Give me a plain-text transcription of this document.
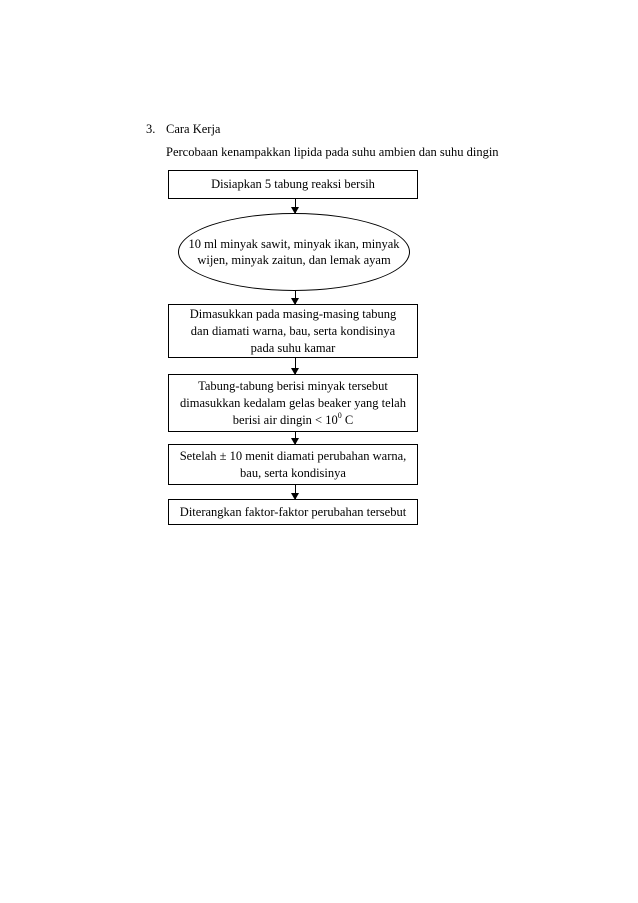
3. Cara Kerja
Percobaan kenampakkan lipida pada suhu ambien dan suhu dingin
Disiapkan 5 tabung reaksi bersih
10 ml minyak sawit, minyak ikan, minyak wijen, minyak zaitun, dan lemak ayam
Dimasukkan pada masing-masing tabung
dan diamati warna, bau, serta kondisinya
pada suhu kamar
Tabung-tabung berisi minyak tersebut
dimasukkan kedalam gelas beaker yang telah
berisi air dingin < $10^0$ C
Setelah ± 10 menit diamati perubahan warna,
bau, serta kondisinya
Diterangkan faktor-faktor perubahan tersebut
